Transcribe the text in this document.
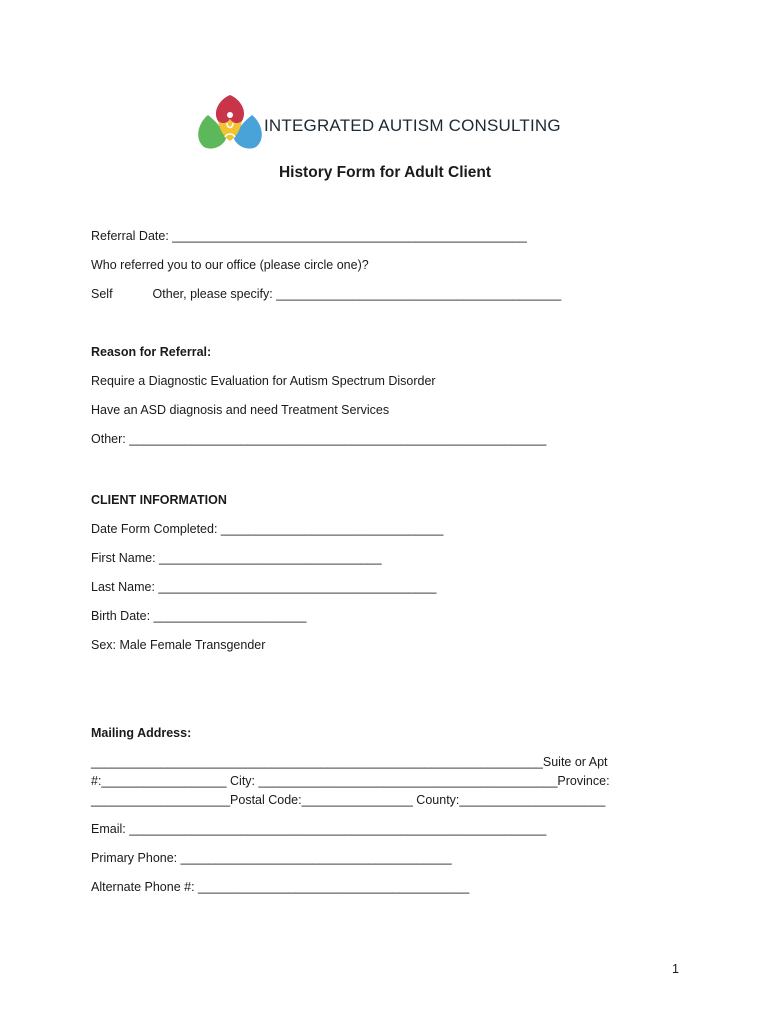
INTEGRATED AUTISM CONSULTING
History Form for Adult Client
Referral Date: ___________________________________________________
Who referred you to our office (please circle one)?
Self	Other, please specify: _________________________________________
Reason for Referral:
Require a Diagnostic Evaluation for Autism Spectrum Disorder
Have an ASD diagnosis and need Treatment Services
Other: ____________________________________________________________
CLIENT INFORMATION
Date Form Completed: ________________________________
First Name: ________________________________
Last Name: ________________________________________
Birth Date: ______________________
Sex: Male Female Transgender
Mailing Address:
_________________________________________________________________Suite or Apt
#:__________________ City: ___________________________________________Province:
____________________Postal Code:________________ County:_____________________
Email: ____________________________________________________________
Primary Phone: _______________________________________
Alternate Phone #: _______________________________________
1
